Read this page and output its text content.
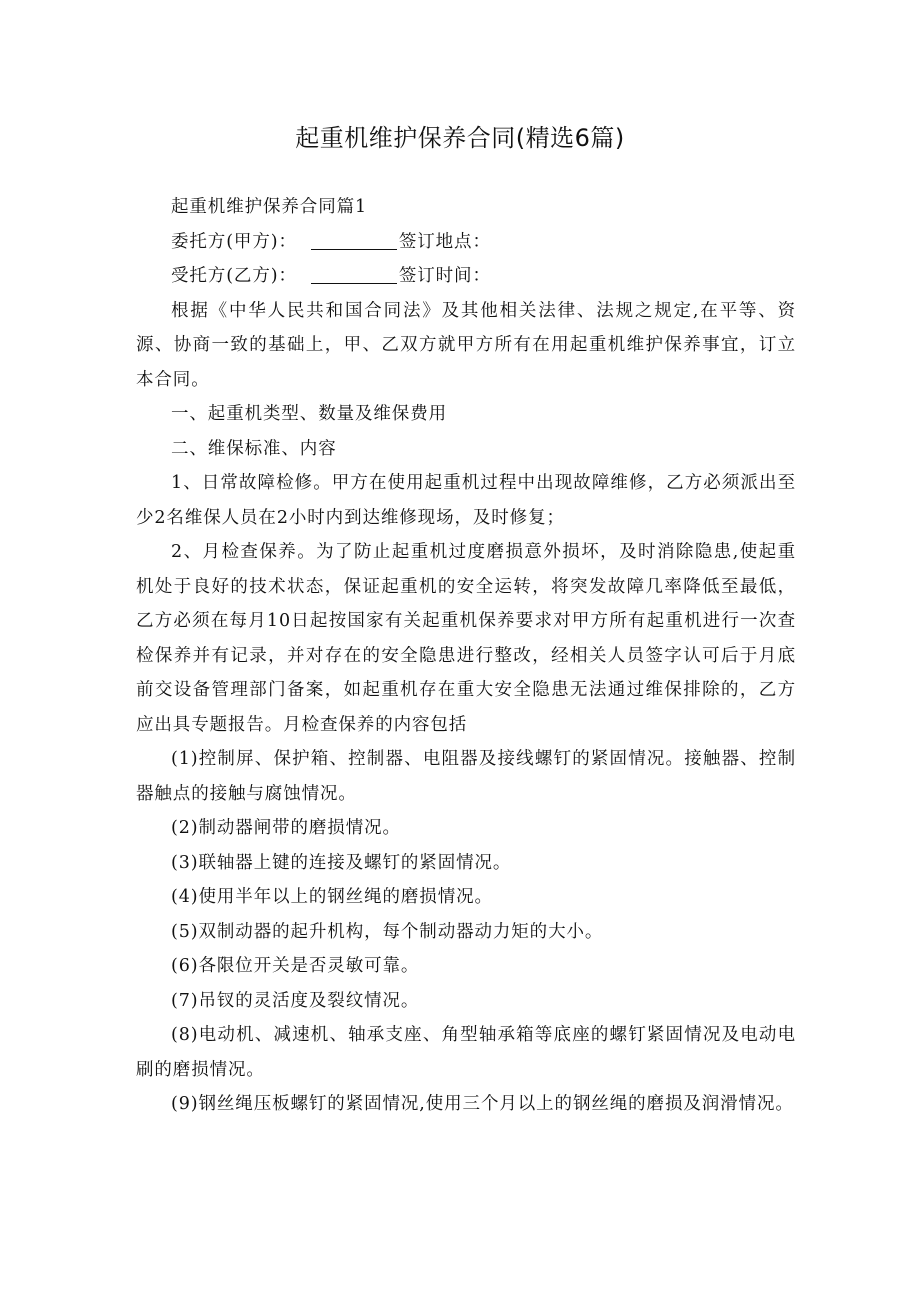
起重机维护保养合同(精选6篇)

起重机维护保养合同篇1

委托方(甲方)：	签订地点：

受托方(乙方)：	签订时间：

根据《中华人民共和国合同法》及其他相关法律、法规之规定,在平等、资源、协商一致的基础上，甲、乙双方就甲方所有在用起重机维护保养事宜，订立本合同。

一、起重机类型、数量及维保费用

二、维保标准、内容

1、日常故障检修。甲方在使用起重机过程中出现故障维修，乙方必须派出至少2名维保人员在2小时内到达维修现场，及时修复；

2、月检查保养。为了防止起重机过度磨损意外损坏，及时消除隐患,使起重机处于良好的技术状态，保证起重机的安全运转，将突发故障几率降低至最低，乙方必须在每月10日起按国家有关起重机保养要求对甲方所有起重机进行一次查检保养并有记录，并对存在的安全隐患进行整改，经相关人员签字认可后于月底前交设备管理部门备案，如起重机存在重大安全隐患无法通过维保排除的，乙方应出具专题报告。月检查保养的内容包括

(1)控制屏、保护箱、控制器、电阻器及接线螺钉的紧固情况。接触器、控制器触点的接触与腐蚀情况。

(2)制动器闸带的磨损情况。

(3)联轴器上键的连接及螺钉的紧固情况。

(4)使用半年以上的钢丝绳的磨损情况。

(5)双制动器的起升机构，每个制动器动力矩的大小。

(6)各限位开关是否灵敏可靠。

(7)吊钗的灵活度及裂纹情况。

(8)电动机、减速机、轴承支座、角型轴承箱等底座的螺钉紧固情况及电动电刷的磨损情况。

(9)钢丝绳压板螺钉的紧固情况,使用三个月以上的钢丝绳的磨损及润滑情况。
